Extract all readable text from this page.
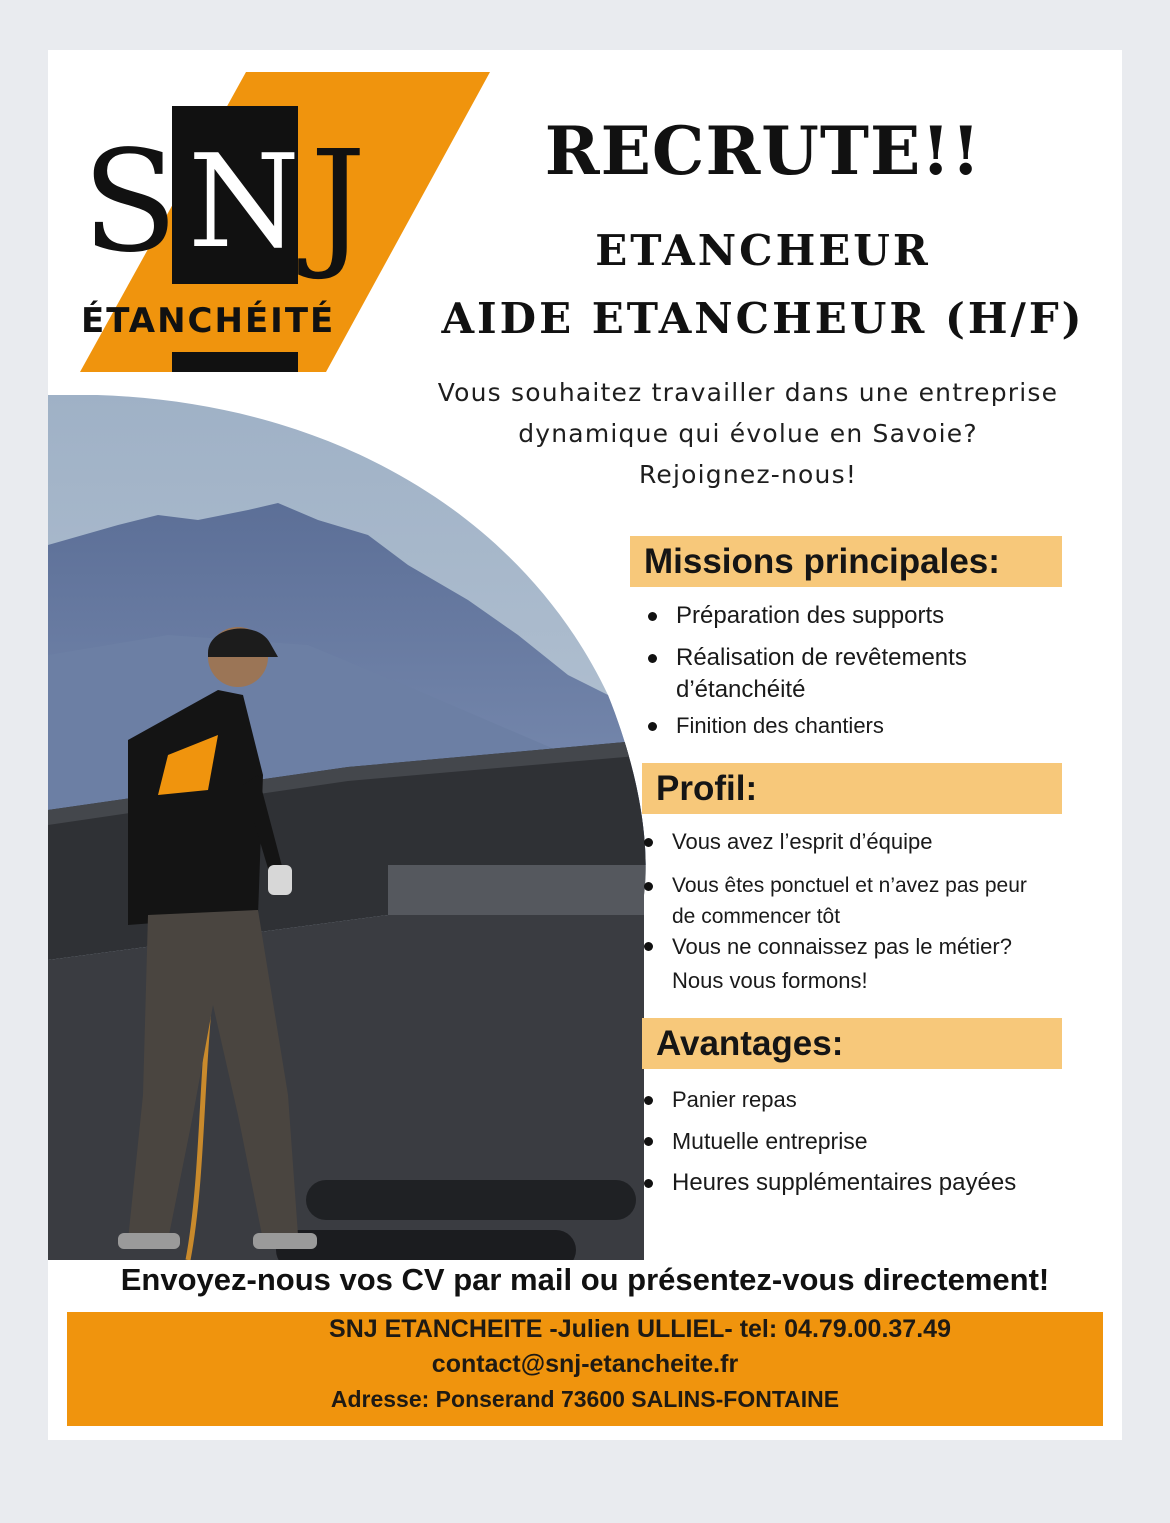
S N J
ÉTANCHÉITÉ
RECRUTE!!
ETANCHEUR
AIDE ETANCHEUR (H/F)
Vous souhaitez travailler dans une entreprise
dynamique qui évolue en Savoie?
Rejoignez-nous!
Missions principales:
Préparation des supports
Réalisation de revêtements
d’étanchéité
Finition des chantiers
Profil:
Vous avez l’esprit d’équipe
Vous êtes ponctuel et n’avez pas peur
de commencer tôt
Vous ne connaissez pas le métier?
Nous vous formons!
Avantages:
Panier repas
Mutuelle entreprise
Heures supplémentaires payées
Envoyez-nous vos CV par mail ou présentez-vous directement!
SNJ ETANCHEITE -Julien ULLIEL- tel: 04.79.00.37.49
contact@snj-etancheite.fr
Adresse: Ponserand 73600 SALINS-FONTAINE
